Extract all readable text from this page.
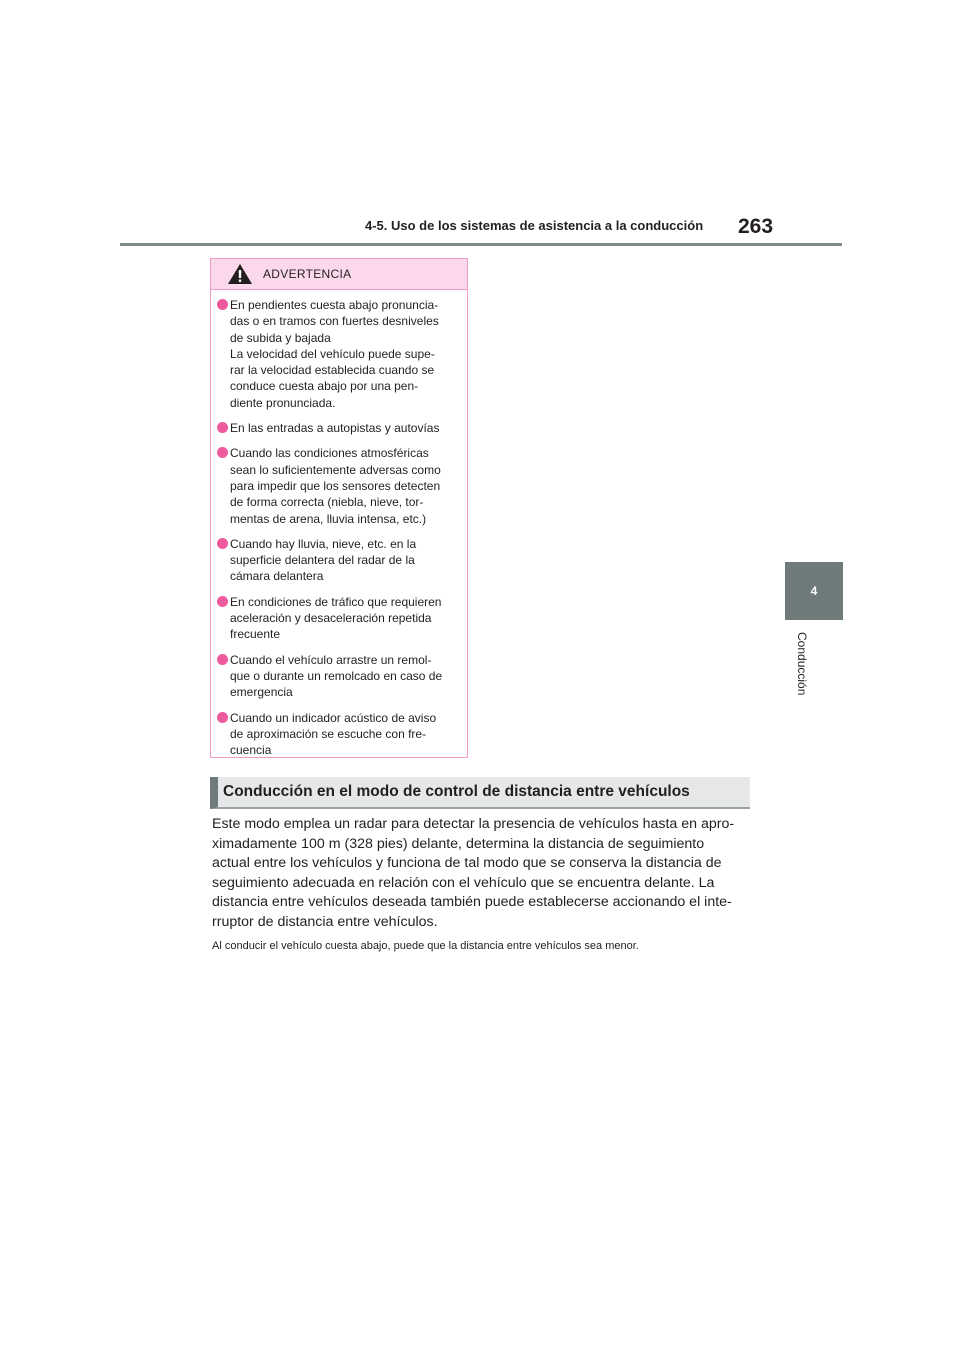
4-5. Uso de los sistemas de asistencia a la conducción 263
4
Conducción
ADVERTENCIA
En pendientes cuesta abajo pronuncia-
das o en tramos con fuertes desniveles
de subida y bajada
La velocidad del vehículo puede supe-
rar la velocidad establecida cuando se
conduce cuesta abajo por una pen-
diente pronunciada.
En las entradas a autopistas y autovías
Cuando las condiciones atmosféricas
sean lo suficientemente adversas como
para impedir que los sensores detecten
de forma correcta (niebla, nieve, tor-
mentas de arena, lluvia intensa, etc.)
Cuando hay lluvia, nieve, etc. en la
superficie delantera del radar de la
cámara delantera
En condiciones de tráfico que requieren
aceleración y desaceleración repetida
frecuente
Cuando el vehículo arrastre un remol-
que o durante un remolcado en caso de
emergencia
Cuando un indicador acústico de aviso
de aproximación se escuche con fre-
cuencia
Conducción en el modo de control de distancia entre vehículos
Este modo emplea un radar para detectar la presencia de vehículos hasta en apro-
ximadamente 100 m (328 pies) delante, determina la distancia de seguimiento
actual entre los vehículos y funciona de tal modo que se conserva la distancia de
seguimiento adecuada en relación con el vehículo que se encuentra delante. La
distancia entre vehículos deseada también puede establecerse accionando el inte-
rruptor de distancia entre vehículos.
Al conducir el vehículo cuesta abajo, puede que la distancia entre vehículos sea menor.
